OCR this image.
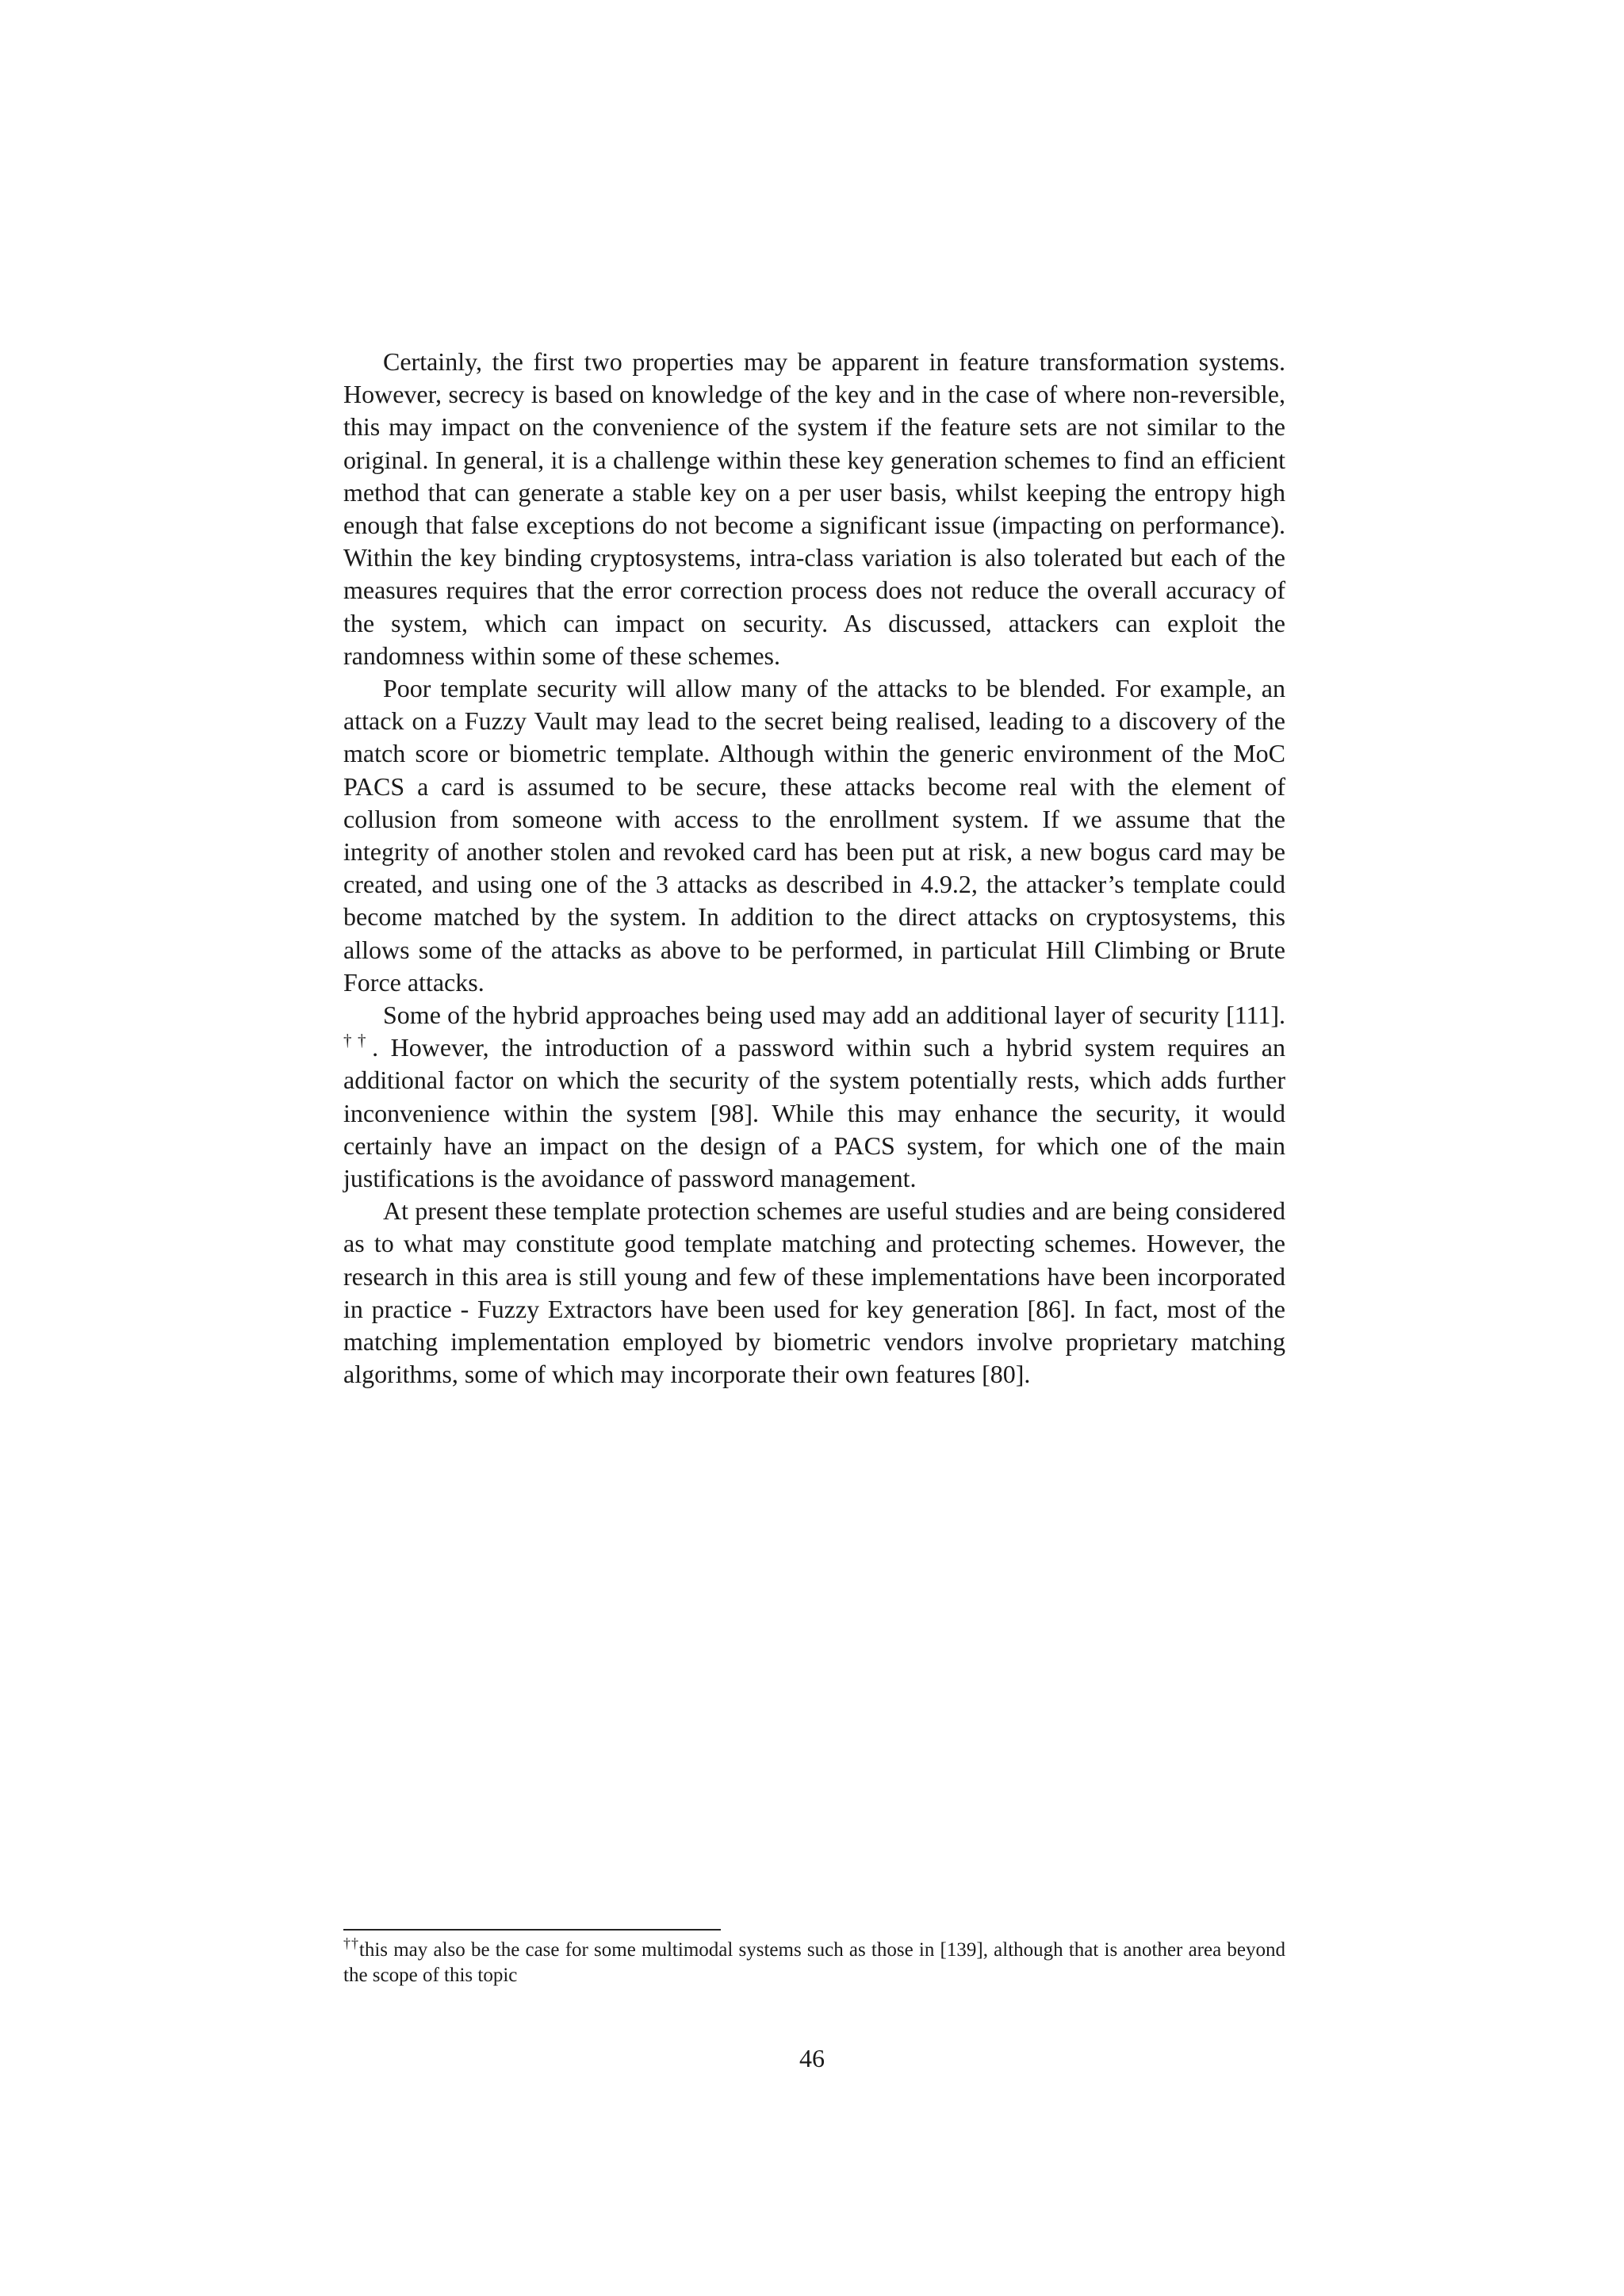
Certainly, the first two properties may be apparent in feature transformation systems. However, secrecy is based on knowledge of the key and in the case of where non-reversible, this may impact on the convenience of the system if the feature sets are not similar to the original. In general, it is a challenge within these key generation schemes to find an efficient method that can generate a stable key on a per user basis, whilst keeping the entropy high enough that false exceptions do not become a significant issue (impacting on performance). Within the key binding cryptosystems, intra-class variation is also tolerated but each of the measures requires that the error correction process does not reduce the overall accuracy of the system, which can impact on security. As discussed, attackers can exploit the randomness within some of these schemes.

Poor template security will allow many of the attacks to be blended. For example, an attack on a Fuzzy Vault may lead to the secret being realised, leading to a discovery of the match score or biometric template. Although within the generic environment of the MoC PACS a card is assumed to be secure, these attacks become real with the element of collusion from someone with access to the enrollment system. If we assume that the integrity of another stolen and revoked card has been put at risk, a new bogus card may be created, and using one of the 3 attacks as described in 4.9.2, the attacker’s template could become matched by the system. In addition to the direct attacks on cryptosystems, this allows some of the attacks as above to be performed, in particulat Hill Climbing or Brute Force attacks.

Some of the hybrid approaches being used may add an additional layer of security [111]. ††. However, the introduction of a password within such a hybrid system requires an additional factor on which the security of the system potentially rests, which adds further inconvenience within the system [98]. While this may enhance the security, it would certainly have an impact on the design of a PACS system, for which one of the main justifications is the avoidance of password management.

At present these template protection schemes are useful studies and are being considered as to what may constitute good template matching and protecting schemes. However, the research in this area is still young and few of these implementations have been incorporated in practice - Fuzzy Extractors have been used for key generation [86]. In fact, most of the matching implementation employed by biometric vendors involve proprietary matching algorithms, some of which may incorporate their own features [80].

††this may also be the case for some multimodal systems such as those in [139], although that is another area beyond the scope of this topic
46
